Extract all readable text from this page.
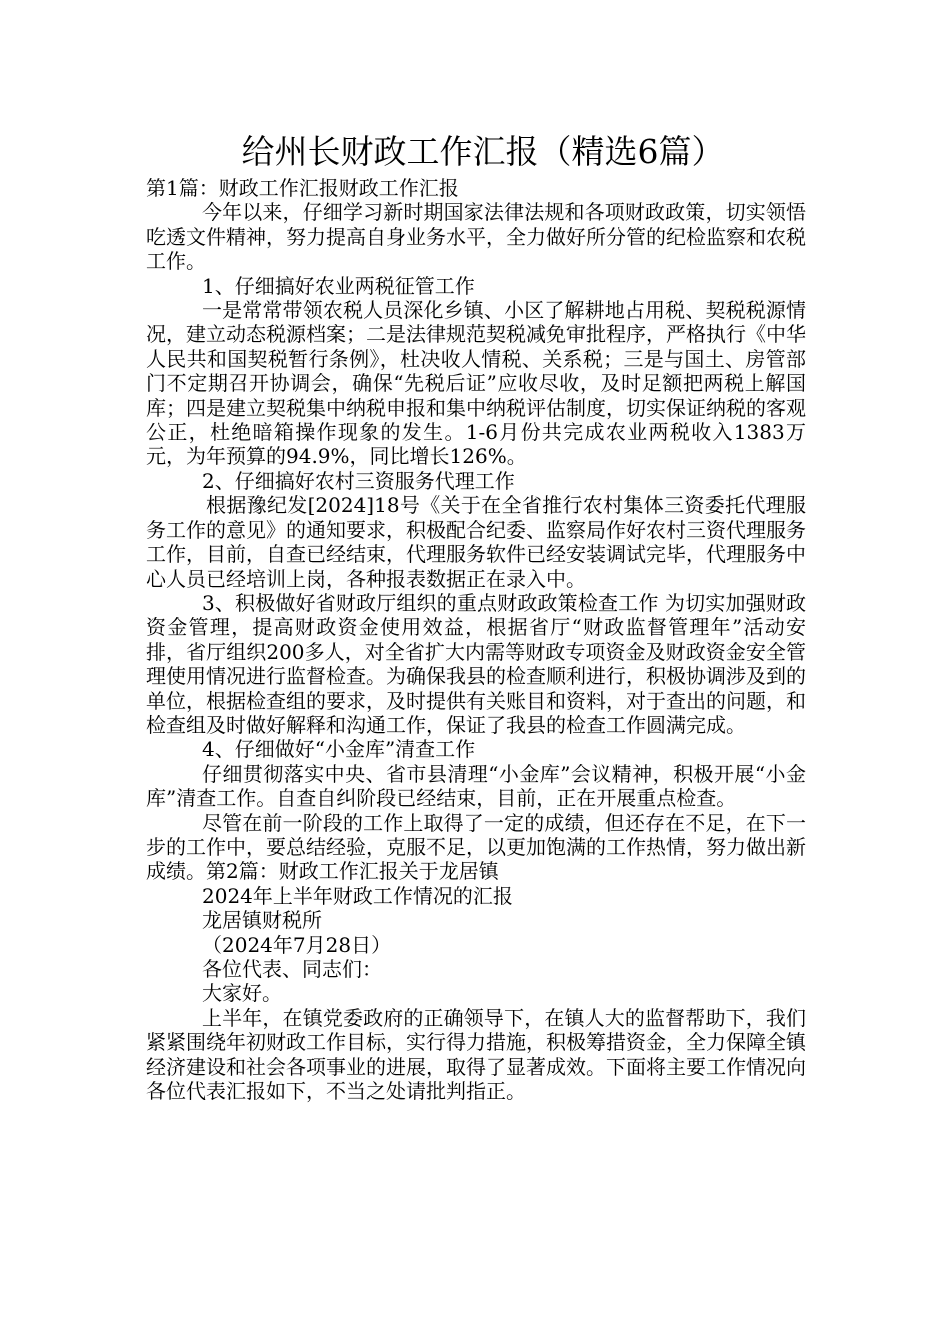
给州长财政工作汇报（精选6篇）

第1篇：财政工作汇报财政工作汇报

今年以来，仔细学习新时期国家法律法规和各项财政政策，切实领悟吃透文件精神，努力提高自身业务水平，全力做好所分管的纪检监察和农税工作。

1、仔细搞好农业两税征管工作

一是常常带领农税人员深化乡镇、小区了解耕地占用税、契税税源情况，建立动态税源档案；二是法律规范契税减免审批程序，严格执行《中华人民共和国契税暂行条例》，杜决收人情税、关系税；三是与国土、房管部门不定期召开协调会，确保“先税后证”应收尽收，及时足额把两税上解国库；四是建立契税集中纳税申报和集中纳税评估制度，切实保证纳税的客观公正，杜绝暗箱操作现象的发生。1-6月份共完成农业两税收入1383万元，为年预算的94.9%，同比增长126%。

2、仔细搞好农村三资服务代理工作

根据豫纪发[2024]18号《关于在全省推行农村集体三资委托代理服务工作的意见》的通知要求，积极配合纪委、监察局作好农村三资代理服务工作，目前，自查已经结束，代理服务软件已经安装调试完毕，代理服务中心人员已经培训上岗，各种报表数据正在录入中。

3、积极做好省财政厅组织的重点财政政策检查工作 为切实加强财政资金管理，提高财政资金使用效益，根据省厅“财政监督管理年”活动安排，省厅组织200多人，对全省扩大内需等财政专项资金及财政资金安全管理使用情况进行监督检查。为确保我县的检查顺利进行，积极协调涉及到的单位，根据检查组的要求，及时提供有关账目和资料，对于查出的问题，和检查组及时做好解释和沟通工作，保证了我县的检查工作圆满完成。

4、仔细做好“小金库”清查工作

仔细贯彻落实中央、省市县清理“小金库”会议精神，积极开展“小金库”清查工作。自查自纠阶段已经结束，目前，正在开展重点检查。

尽管在前一阶段的工作上取得了一定的成绩，但还存在不足，在下一步的工作中，要总结经验，克服不足，以更加饱满的工作热情，努力做出新成绩。第2篇：财政工作汇报关于龙居镇

2024年上半年财政工作情况的汇报

龙居镇财税所

（2024年7月28日）

各位代表、同志们：

大家好。

上半年，在镇党委政府的正确领导下，在镇人大的监督帮助下，我们紧紧围绕年初财政工作目标，实行得力措施，积极筹措资金，全力保障全镇经济建设和社会各项事业的进展，取得了显著成效。下面将主要工作情况向各位代表汇报如下，不当之处请批判指正。
